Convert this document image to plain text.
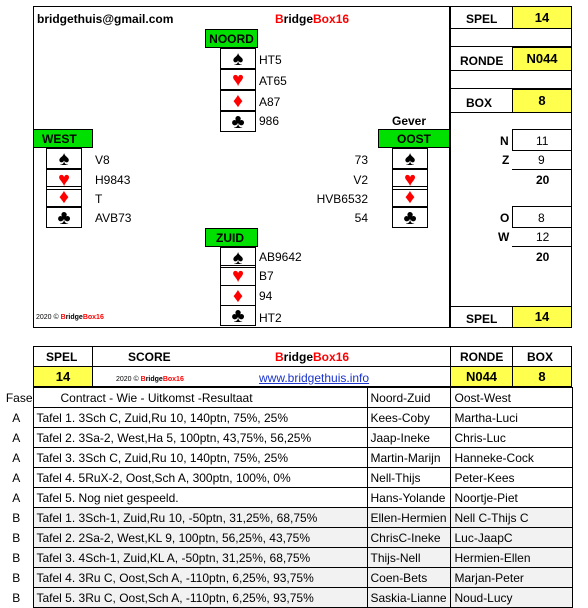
bridgethuis@gmail.com	BridgeBox16
NOORD
♠
♥
♦
♣
HT5
AT65
A87
986
WEST
♠
♥
♦
♣
V8
H9843
T
AVB73
Gever
OOST
♠
♥
♦
♣
73
V2
HVB6532
54
ZUID
♠
♥
♦
♣
AB9642
B7
94
HT2
2020 © BridgeBox16
SPEL	14
RONDE	N044
BOX	8
N 11
Z 9
20
O 8
W 12
20
SPEL	14
SPEL	SCORE	BridgeBox16	RONDE BOX
14	2020 © BridgeBox16	www.bridgethuis.info	N044	8
Fase	Contract - Wie - Uitkomst -Resultaat	Noord-Zuid	Oost-West
A	Tafel 1. 3Sch C, Zuid,Ru 10, 140ptn, 75%, 25%	Kees-Coby	Martha-Luci
A	Tafel 2. 3Sa-2, West,Ha 5, 100ptn, 43,75%, 56,25%	Jaap-Ineke	Chris-Luc
A	Tafel 3. 3Sch C, Zuid,Ru 10, 140ptn, 75%, 25%	Martin-Marijn	Hanneke-Cock
A	Tafel 4. 5RuX-2, Oost,Sch A, 300ptn, 100%, 0%	Nell-Thijs	Peter-Kees
A	Tafel 5. Nog niet gespeeld.	Hans-Yolande	Noortje-Piet
B	Tafel 1. 3Sch-1, Zuid,Ru 10, -50ptn, 31,25%, 68,75%	Ellen-Hermien	Nell C-Thijs C
B	Tafel 2. 2Sa-2, West,KL 9, 100ptn, 56,25%, 43,75%	ChrisC-Ineke	Luc-JaapC
B	Tafel 3. 4Sch-1, Zuid,KL A, -50ptn, 31,25%, 68,75%	Thijs-Nell	Hermien-Ellen
B	Tafel 4. 3Ru C, Oost,Sch A, -110ptn, 6,25%, 93,75%	Coen-Bets	Marjan-Peter
B	Tafel 5. 3Ru C, Oost,Sch A, -110ptn, 6,25%, 93,75%	Saskia-Lianne	Noud-Lucy
